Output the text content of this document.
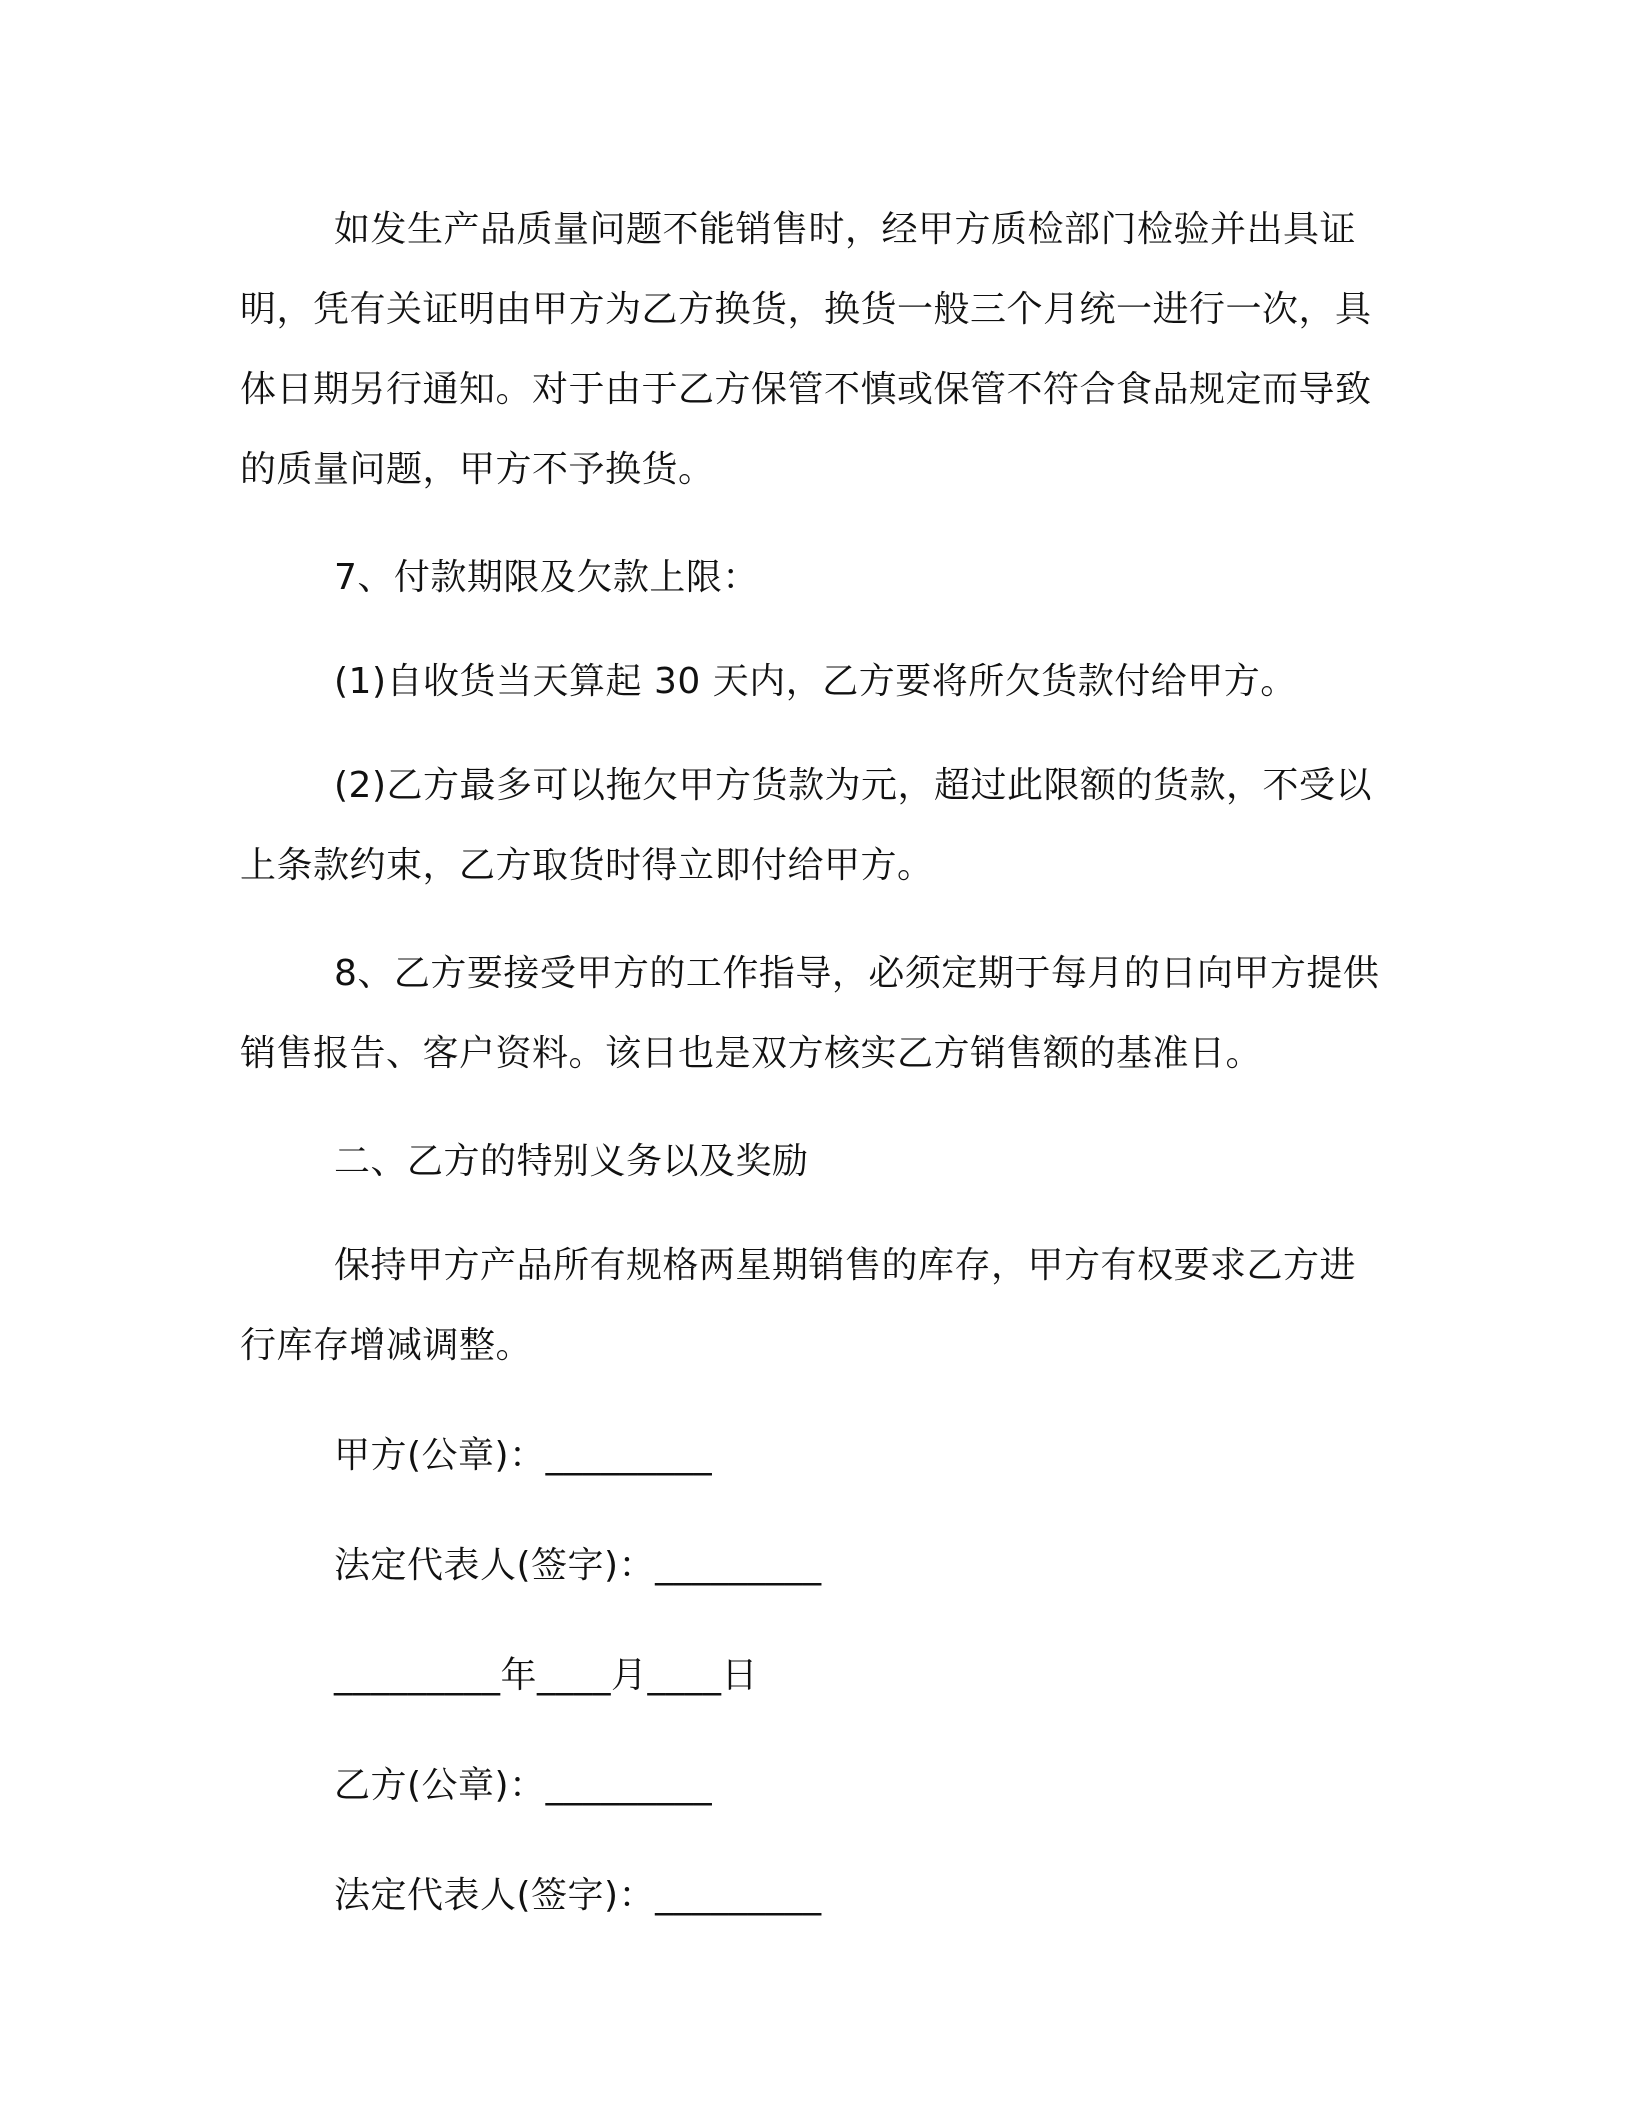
如发生产品质量问题不能销售时，经甲方质检部门检验并出具证明，凭有关证明由甲方为乙方换货，换货一般三个月统一进行一次，具体日期另行通知。对于由于乙方保管不慎或保管不符合食品规定而导致的质量问题，甲方不予换货。

7、付款期限及欠款上限：

(1)自收货当天算起 30 天内，乙方要将所欠货款付给甲方。

(2)乙方最多可以拖欠甲方货款为元，超过此限额的货款，不受以上条款约束，乙方取货时得立即付给甲方。

8、乙方要接受甲方的工作指导，必须定期于每月的日向甲方提供销售报告、客户资料。该日也是双方核实乙方销售额的基准日。

二、乙方的特别义务以及奖励

保持甲方产品所有规格两星期销售的库存，甲方有权要求乙方进行库存增减调整。

甲方(公章)：_________

法定代表人(签字)：_________

_________年____月____日

乙方(公章)：_________

法定代表人(签字)：_________
